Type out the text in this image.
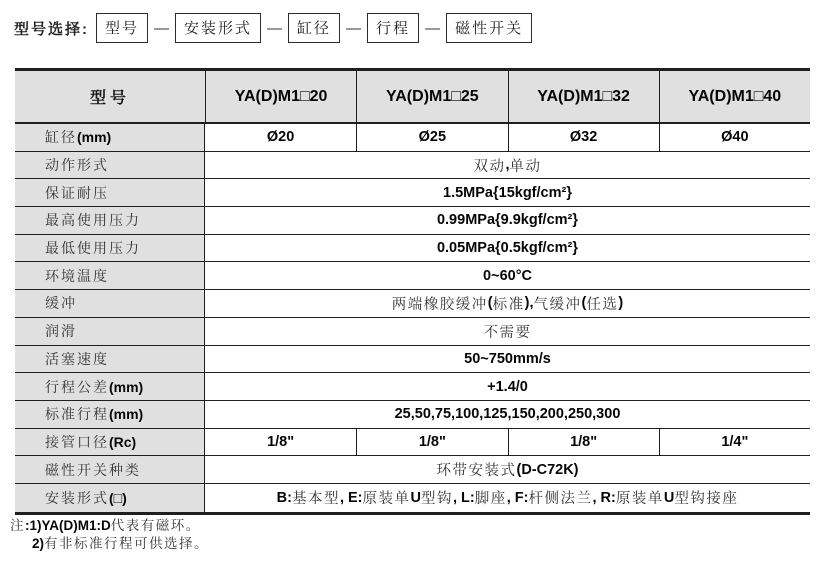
型号选择:	型号	—	安装形式	—	缸径	—	行程	—	磁性开关
型号	YA(D)M1□20	YA(D)M1□25	YA(D)M1□32	YA(D)M1□40
缸径 (mm)	Ø20	Ø25	Ø32	Ø40
动作形式	双动 , 单动
保证耐压	1.5MPa{15kgf/cm²}
最高使用压力	0.99MPa{9.9kgf/cm²}
最低使用压力	0.05MPa{0.5kgf/cm²}
环境温度	0~60°C
缓冲	两端橡胶缓冲 ( 标准 ), 气缓冲 ( 任选 )
润滑	不需要
活塞速度	50~750mm/s
行程公差 (mm)	+1.4/0
标准行程 (mm)	25,50,75,100,125,150,200,250,300
接管口径 (Rc)	1/8"	1/8"	1/8"	1/4"
磁性开关种类	环带安装式 (D-C72K)
安装形式 (□)	B: 基本型 , E: 原装单 U 型钩 , L: 脚座 , F: 杆侧法兰 , R: 原装单 U 型钩接座
注:1)YA(D)M1:D代表有磁环。
2)有非标准行程可供选择。
